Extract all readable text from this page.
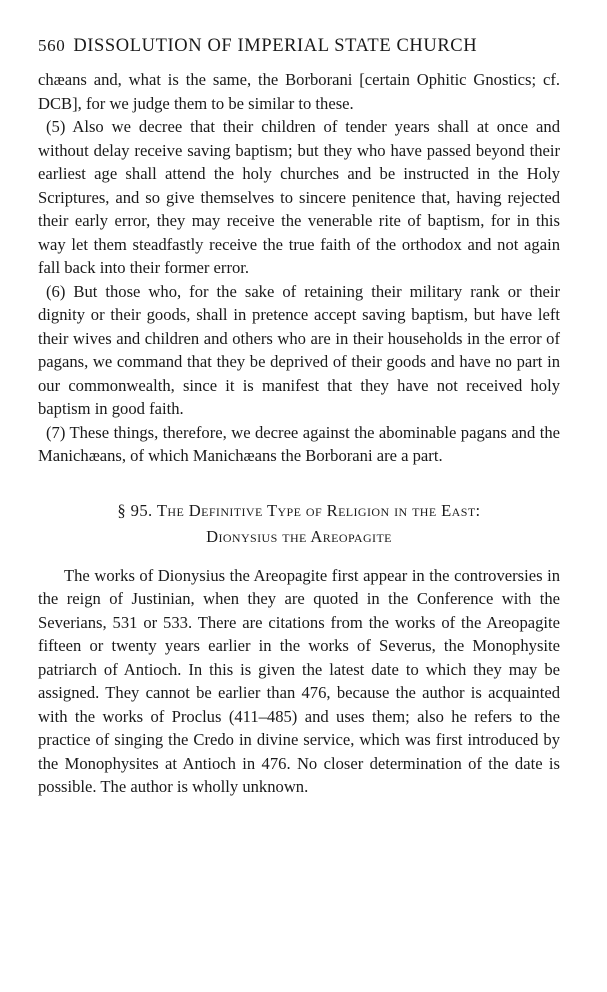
560 DISSOLUTION OF IMPERIAL STATE CHURCH

chæans and, what is the same, the Borborani [certain Ophitic Gnostics; cf. DCB], for we judge them to be similar to these.

(5) Also we decree that their children of tender years shall at once and without delay receive saving baptism; but they who have passed beyond their earliest age shall attend the holy churches and be instructed in the Holy Scriptures, and so give themselves to sincere penitence that, having rejected their early error, they may receive the venerable rite of baptism, for in this way let them steadfastly receive the true faith of the orthodox and not again fall back into their former error.

(6) But those who, for the sake of retaining their military rank or their dignity or their goods, shall in pretence accept saving baptism, but have left their wives and children and others who are in their households in the error of pagans, we command that they be deprived of their goods and have no part in our commonwealth, since it is manifest that they have not received holy baptism in good faith.

(7) These things, therefore, we decree against the abominable pagans and the Manichæans, of which Manichæans the Borborani are a part.

§ 95. The Definitive Type of Religion in the East:
Dionysius the Areopagite

The works of Dionysius the Areopagite first appear in the controversies in the reign of Justinian, when they are quoted in the Conference with the Severians, 531 or 533. There are citations from the works of the Areopagite fifteen or twenty years earlier in the works of Severus, the Monophysite patriarch of Antioch. In this is given the latest date to which they may be assigned. They cannot be earlier than 476, because the author is acquainted with the works of Proclus (411–485) and uses them; also he refers to the practice of singing the Credo in divine service, which was first introduced by the Monophysites at Antioch in 476. No closer determination of the date is possible. The author is wholly unknown.
